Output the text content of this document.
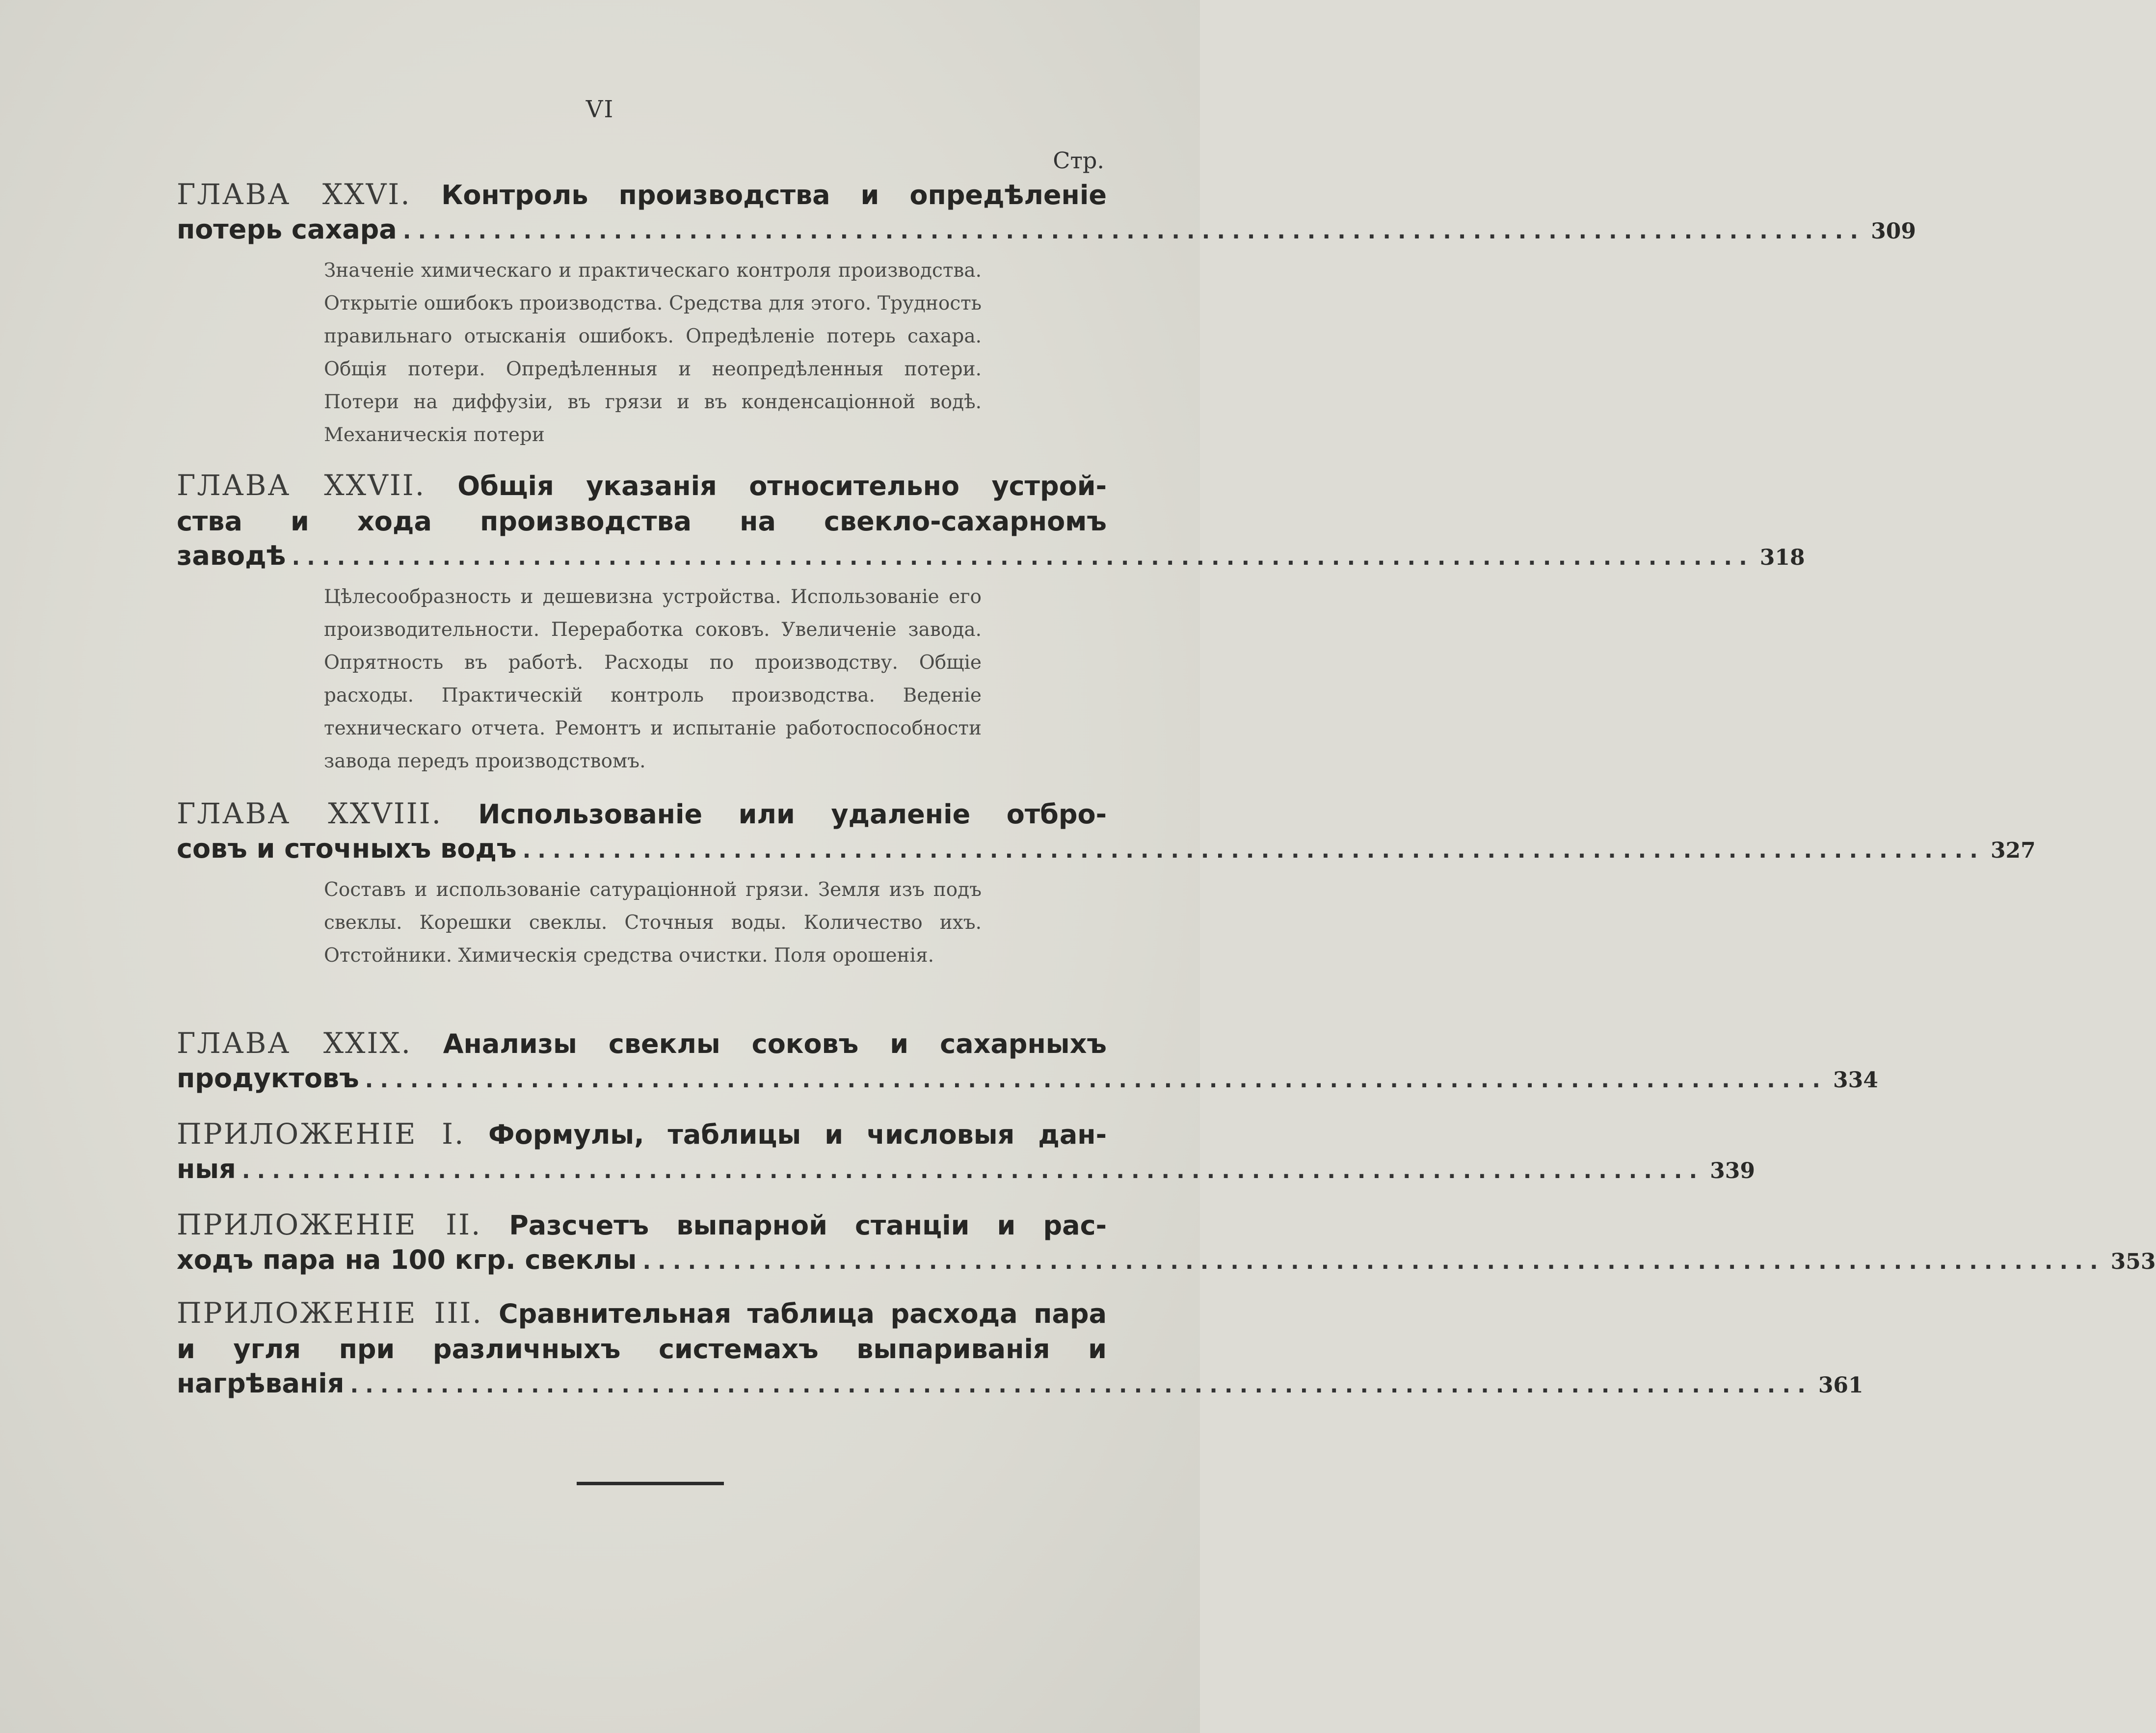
VI
Стр.
ГЛАВА XXVI. Контроль производства и опредѣленіе
потерь сахара ................................................................................................. 309
Значеніе химическаго и практическаго контроля производства. Открытіе ошибокъ производства. Средства для этого. Трудность правильнаго отысканія ошибокъ. Опредѣленіе потерь сахара. Общія потери. Опредѣленныя и неопредѣленныя потери. Потери на диффузіи, въ грязи и въ конденсаціонной водѣ. Механическія потери
ГЛАВА XXVII. Общія указанія относительно устрой-
ства и хода производства на свекло-сахарномъ
заводѣ ................................................................................................. 318
Цѣлесообразность и дешевизна устройства. Использованіе его производительности. Переработка соковъ. Увеличеніе завода. Опрятность въ работѣ. Расходы по производству. Общіе расходы. Практическій контроль производства. Веденіе техническаго отчета. Ремонтъ и испытаніе работоспособности завода передъ производствомъ.
ГЛАВА XXVIII. Использованіе или удаленіе отбро-
совъ и сточныхъ водъ ................................................................................................. 327
Составъ и использованіе сатураціонной грязи. Земля изъ подъ свеклы. Корешки свеклы. Сточныя воды. Количество ихъ. Отстойники. Химическія средства очистки. Поля орошенія.
ГЛАВА XXIX. Анализы свеклы соковъ и сахарныхъ
продуктовъ ................................................................................................. 334
ПРИЛОЖЕНІЕ I. Формулы, таблицы и числовыя дан-
ныя ................................................................................................. 339
ПРИЛОЖЕНІЕ II. Разсчетъ выпарной станціи и рас-
ходъ пара на 100 кгр. свеклы ................................................................................................. 353
ПРИЛОЖЕНІЕ III. Сравнительная таблица расхода пара
и угля при различныхъ системахъ выпариванія и
нагрѣванія ................................................................................................. 361
